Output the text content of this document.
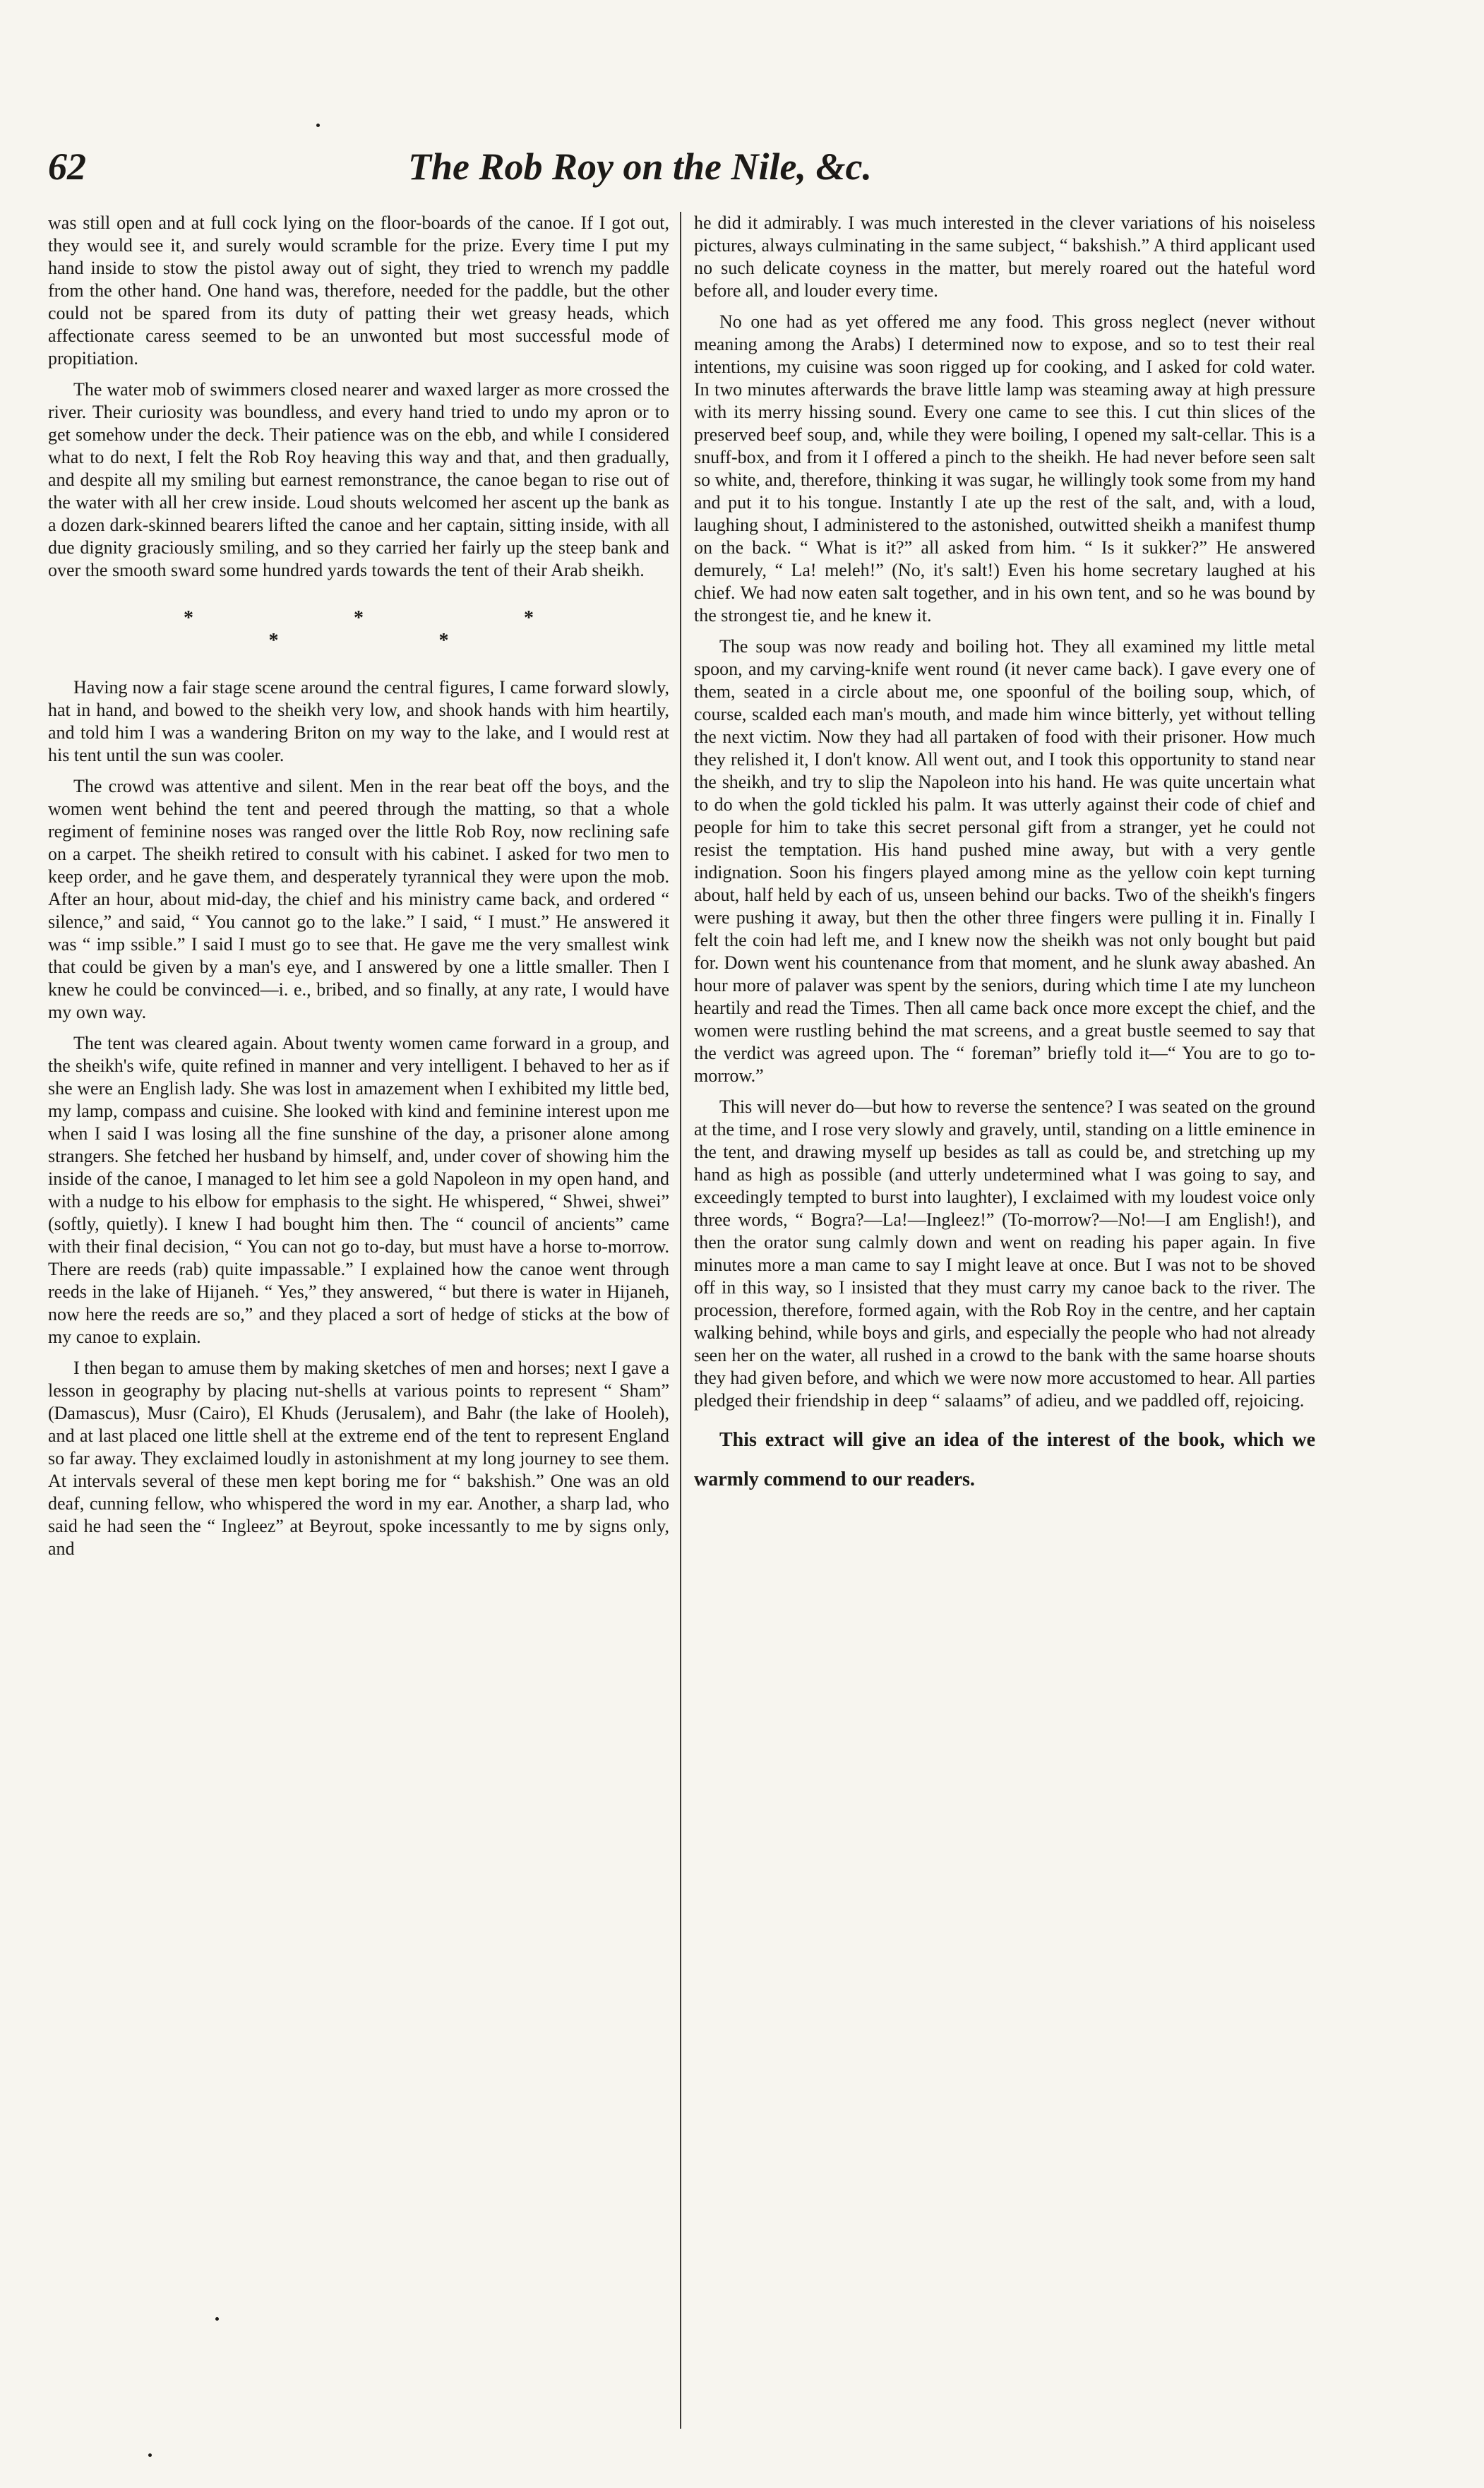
62	The Rob Roy on the Nile, &c.

was still open and at full cock lying on the floor-boards of the canoe. If I got out, they would see it, and surely would scramble for the prize. Every time I put my hand inside to stow the pistol away out of sight, they tried to wrench my paddle from the other hand. One hand was, therefore, needed for the paddle, but the other could not be spared from its duty of patting their wet greasy heads, which affectionate caress seemed to be an unwonted but most successful mode of propitiation.

The water mob of swimmers closed nearer and waxed larger as more crossed the river. Their curiosity was boundless, and every hand tried to undo my apron or to get somehow under the deck. Their patience was on the ebb, and while I considered what to do next, I felt the Rob Roy heaving this way and that, and then gradually, and despite all my smiling but earnest remonstrance, the canoe began to rise out of the water with all her crew inside. Loud shouts welcomed her ascent up the bank as a dozen dark-skinned bearers lifted the canoe and her captain, sitting inside, with all due dignity graciously smiling, and so they carried her fairly up the steep bank and over the smooth sward some hundred yards towards the tent of their Arab sheikh.

* * * * *

Having now a fair stage scene around the central figures, I came forward slowly, hat in hand, and bowed to the sheikh very low, and shook hands with him heartily, and told him I was a wandering Briton on my way to the lake, and I would rest at his tent until the sun was cooler.

The crowd was attentive and silent. Men in the rear beat off the boys, and the women went behind the tent and peered through the matting, so that a whole regiment of feminine noses was ranged over the little Rob Roy, now reclining safe on a carpet. The sheikh retired to consult with his cabinet. I asked for two men to keep order, and he gave them, and desperately tyrannical they were upon the mob. After an hour, about mid-day, the chief and his ministry came back, and ordered “ silence,” and said, “ You cannot go to the lake.” I said, “ I must.” He answered it was “ imp ssible.” I said I must go to see that. He gave me the very smallest wink that could be given by a man's eye, and I answered by one a little smaller. Then I knew he could be convinced—i. e., bribed, and so finally, at any rate, I would have my own way.

The tent was cleared again. About twenty women came forward in a group, and the sheikh's wife, quite refined in manner and very intelligent. I behaved to her as if she were an English lady. She was lost in amazement when I exhibited my little bed, my lamp, compass and cuisine. She looked with kind and feminine interest upon me when I said I was losing all the fine sunshine of the day, a prisoner alone among strangers. She fetched her husband by himself, and, under cover of showing him the inside of the canoe, I managed to let him see a gold Napoleon in my open hand, and with a nudge to his elbow for emphasis to the sight. He whispered, “ Shwei, shwei” (softly, quietly). I knew I had bought him then. The “ council of ancients” came with their final decision, “ You can not go to-day, but must have a horse to-morrow. There are reeds (rab) quite impassable.” I explained how the canoe went through reeds in the lake of Hijaneh. “ Yes,” they answered, “ but there is water in Hijaneh, now here the reeds are so,” and they placed a sort of hedge of sticks at the bow of my canoe to explain.

I then began to amuse them by making sketches of men and horses; next I gave a lesson in geography by placing nut-shells at various points to represent “ Sham” (Damascus), Musr (Cairo), El Khuds (Jerusalem), and Bahr (the lake of Hooleh), and at last placed one little shell at the extreme end of the tent to represent England so far away. They exclaimed loudly in astonishment at my long journey to see them. At intervals several of these men kept boring me for “ bakshish.” One was an old deaf, cunning fellow, who whispered the word in my ear. Another, a sharp lad, who said he had seen the “ Ingleez” at Beyrout, spoke incessantly to me by signs only, and

he did it admirably. I was much interested in the clever variations of his noiseless pictures, always culminating in the same subject, “ bakshish.” A third applicant used no such delicate coyness in the matter, but merely roared out the hateful word before all, and louder every time.

No one had as yet offered me any food. This gross neglect (never without meaning among the Arabs) I determined now to expose, and so to test their real intentions, my cuisine was soon rigged up for cooking, and I asked for cold water. In two minutes afterwards the brave little lamp was steaming away at high pressure with its merry hissing sound. Every one came to see this. I cut thin slices of the preserved beef soup, and, while they were boiling, I opened my salt-cellar. This is a snuff-box, and from it I offered a pinch to the sheikh. He had never before seen salt so white, and, therefore, thinking it was sugar, he willingly took some from my hand and put it to his tongue. Instantly I ate up the rest of the salt, and, with a loud, laughing shout, I administered to the astonished, outwitted sheikh a manifest thump on the back. “ What is it?” all asked from him. “ Is it sukker?” He answered demurely, “ La! meleh!” (No, it's salt!) Even his home secretary laughed at his chief. We had now eaten salt together, and in his own tent, and so he was bound by the strongest tie, and he knew it.

The soup was now ready and boiling hot. They all examined my little metal spoon, and my carving-knife went round (it never came back). I gave every one of them, seated in a circle about me, one spoonful of the boiling soup, which, of course, scalded each man's mouth, and made him wince bitterly, yet without telling the next victim. Now they had all partaken of food with their prisoner. How much they relished it, I don't know. All went out, and I took this opportunity to stand near the sheikh, and try to slip the Napoleon into his hand. He was quite uncertain what to do when the gold tickled his palm. It was utterly against their code of chief and people for him to take this secret personal gift from a stranger, yet he could not resist the temptation. His hand pushed mine away, but with a very gentle indignation. Soon his fingers played among mine as the yellow coin kept turning about, half held by each of us, unseen behind our backs. Two of the sheikh's fingers were pushing it away, but then the other three fingers were pulling it in. Finally I felt the coin had left me, and I knew now the sheikh was not only bought but paid for. Down went his countenance from that moment, and he slunk away abashed. An hour more of palaver was spent by the seniors, during which time I ate my luncheon heartily and read the Times. Then all came back once more except the chief, and the women were rustling behind the mat screens, and a great bustle seemed to say that the verdict was agreed upon. The “ foreman” briefly told it—“ You are to go to-morrow.”

This will never do—but how to reverse the sentence? I was seated on the ground at the time, and I rose very slowly and gravely, until, standing on a little eminence in the tent, and drawing myself up besides as tall as could be, and stretching up my hand as high as possible (and utterly undetermined what I was going to say, and exceedingly tempted to burst into laughter), I exclaimed with my loudest voice only three words, “ Bogra?—La!—Ingleez!” (To-morrow?—No!—I am English!), and then the orator sung calmly down and went on reading his paper again. In five minutes more a man came to say I might leave at once. But I was not to be shoved off in this way, so I insisted that they must carry my canoe back to the river. The procession, therefore, formed again, with the Rob Roy in the centre, and her captain walking behind, while boys and girls, and especially the people who had not already seen her on the water, all rushed in a crowd to the bank with the same hoarse shouts they had given before, and which we were now more accustomed to hear. All parties pledged their friendship in deep “ salaams” of adieu, and we paddled off, rejoicing.

This extract will give an idea of the interest of the book, which we warmly commend to our readers.
